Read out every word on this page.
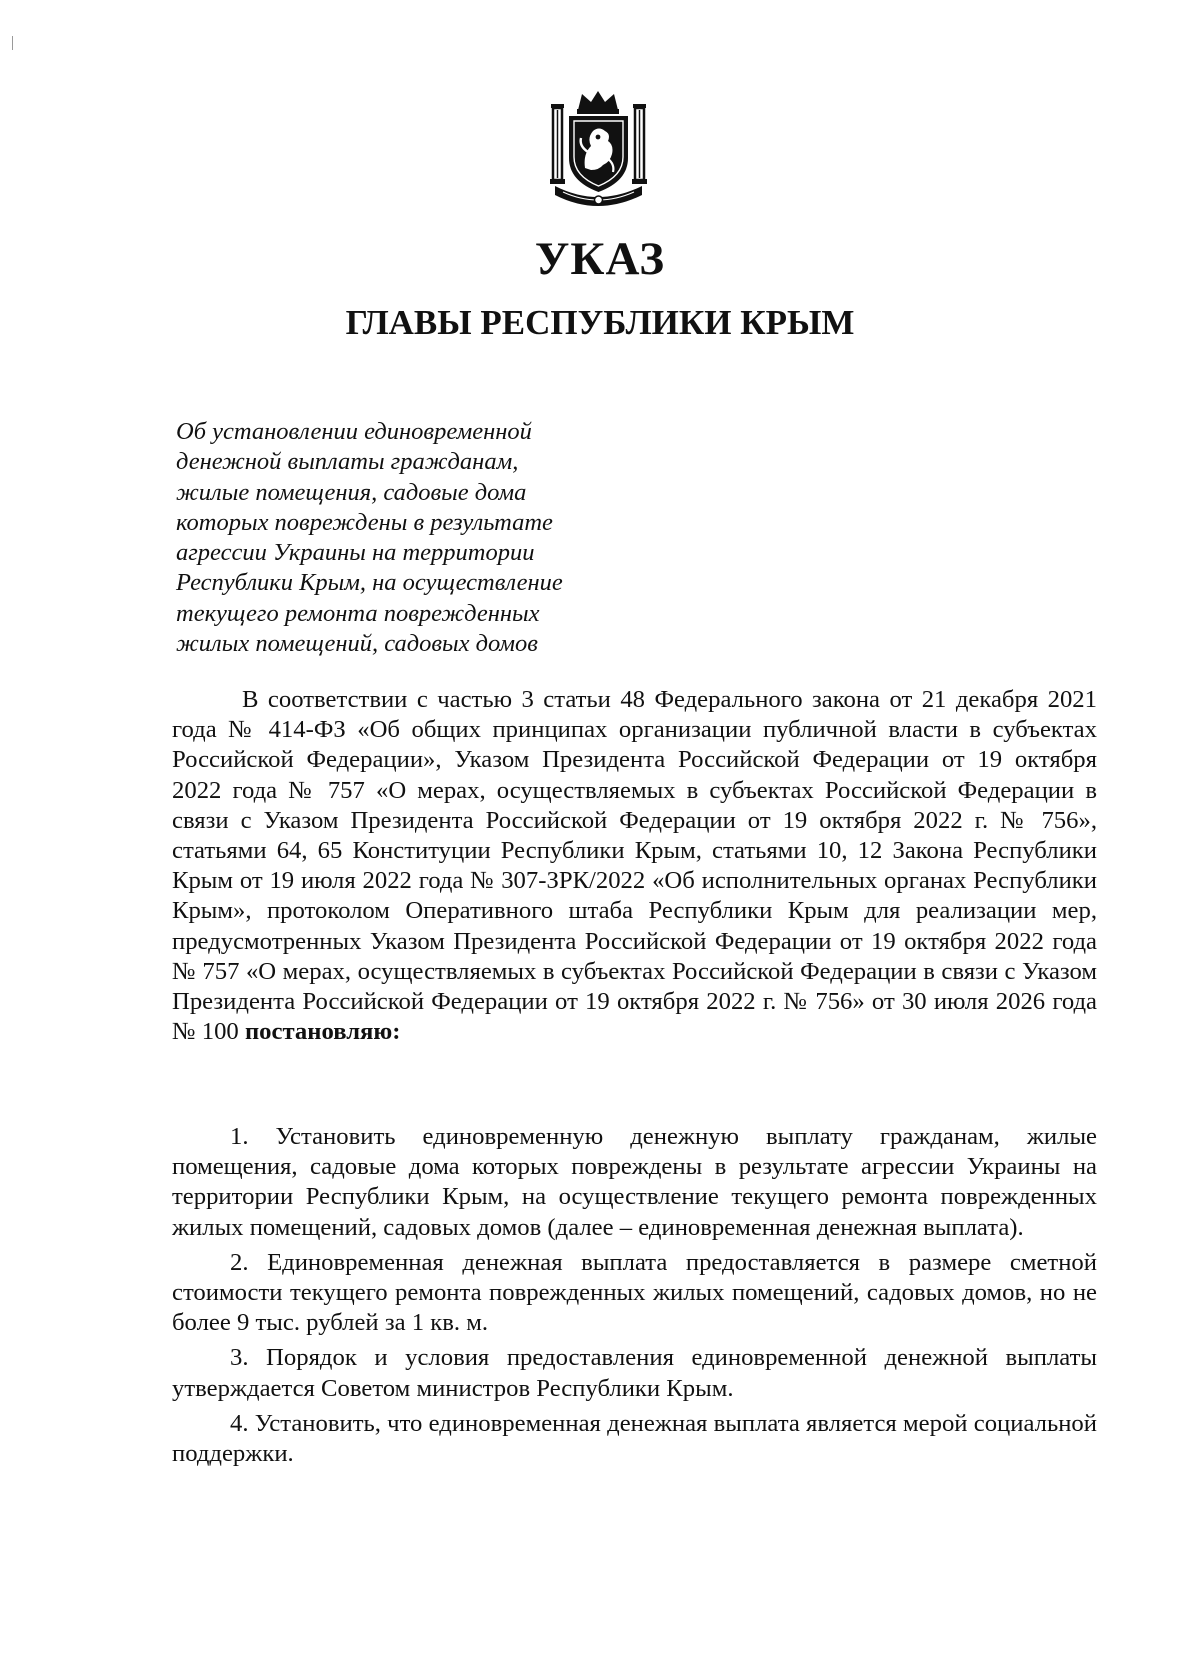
УКАЗ
ГЛАВЫ РЕСПУБЛИКИ КРЫМ
Об установлении единовременной
денежной выплаты гражданам,
жилые помещения, садовые дома
которых повреждены в результате
агрессии Украины на территории
Республики Крым, на осуществление
текущего ремонта поврежденных
жилых помещений, садовых домов

В соответствии с частью 3 статьи 48 Федерального закона от 21 декабря 2021 года № 414-ФЗ «Об общих принципах организации публичной власти в субъектах Российской Федерации», Указом Президента Российской Федерации от 19 октября 2022 года № 757 «О мерах, осуществляемых в субъектах Российской Федерации в связи с Указом Президента Российской Федерации от 19 октября 2022 г. № 756», статьями 64, 65 Конституции Республики Крым, статьями 10, 12 Закона Республики Крым от 19 июля 2022 года № 307-ЗРК/2022 «Об исполнительных органах Республики Крым», протоколом Оперативного штаба Республики Крым для реализации мер, предусмотренных Указом Президента Российской Федерации от 19 октября 2022 года № 757 «О мерах, осуществляемых в субъектах Российской Федерации в связи с Указом Президента Российской Федерации от 19 октября 2022 г. № 756» от 30 июля 2026 года № 100 постановляю:

1. Установить единовременную денежную выплату гражданам, жилые помещения, садовые дома которых повреждены в результате агрессии Украины на территории Республики Крым, на осуществление текущего ремонта поврежденных жилых помещений, садовых домов (далее – единовременная денежная выплата).

2. Единовременная денежная выплата предоставляется в размере сметной стоимости текущего ремонта поврежденных жилых помещений, садовых домов, но не более 9 тыс. рублей за 1 кв. м.

3. Порядок и условия предоставления единовременной денежной выплаты утверждается Советом министров Республики Крым.

4. Установить, что единовременная денежная выплата является мерой социальной поддержки.
